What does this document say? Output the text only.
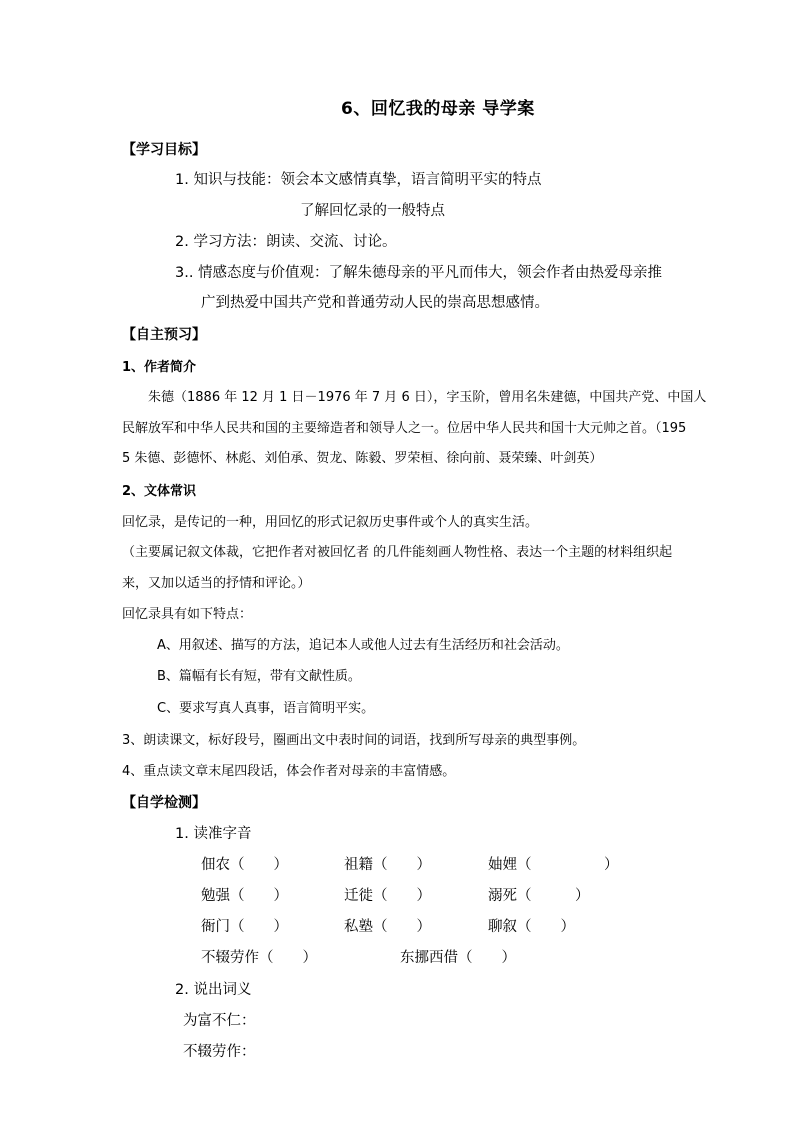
6、回忆我的母亲 导学案
【学习目标】
1. 知识与技能：领会本文感情真挚，语言简明平实的特点
了解回忆录的一般特点
2. 学习方法：朗读、交流、讨论。
3.. 情感态度与价值观：了解朱德母亲的平凡而伟大，领会作者由热爱母亲推
广到热爱中国共产党和普通劳动人民的崇高思想感情。
【自主预习】
1、作者简介
朱德（1886 年 12 月 1 日－1976 年 7 月 6 日），字玉阶，曾用名朱建德，中国共产党、中国人
民解放军和中华人民共和国的主要缔造者和领导人之一。位居中华人民共和国十大元帅之首。（195
5 朱德、彭德怀、林彪、刘伯承、贺龙、陈毅、罗荣桓、徐向前、聂荣臻、叶剑英）
2、文体常识
回忆录，是传记的一种，用回忆的形式记叙历史事件或个人的真实生活。
（主要属记叙文体裁，它把作者对被回忆者 的几件能刻画人物性格、表达一个主题的材料组织起
来，又加以适当的抒情和评论。）
回忆录具有如下特点：
A、用叙述、描写的方法，追记本人或他人过去有生活经历和社会活动。
B、篇幅有长有短，带有文献性质。
C、要求写真人真事，语言简明平实。
3、朗读课文，标好段号，圈画出文中表时间的词语，找到所写母亲的典型事例。
4、重点读文章末尾四段话，体会作者对母亲的丰富情感。
【自学检测】
1. 读准字音
佃农（　　）	祖籍（　　）	妯娌（　　　　　）
勉强（　　）	迁徙（　　）	溺死（　　　）
衙门（　　）	私塾（　　）	聊叙（　　）
不辍劳作（　　）	东挪西借（　　）
2. 说出词义
为富不仁：
不辍劳作：
